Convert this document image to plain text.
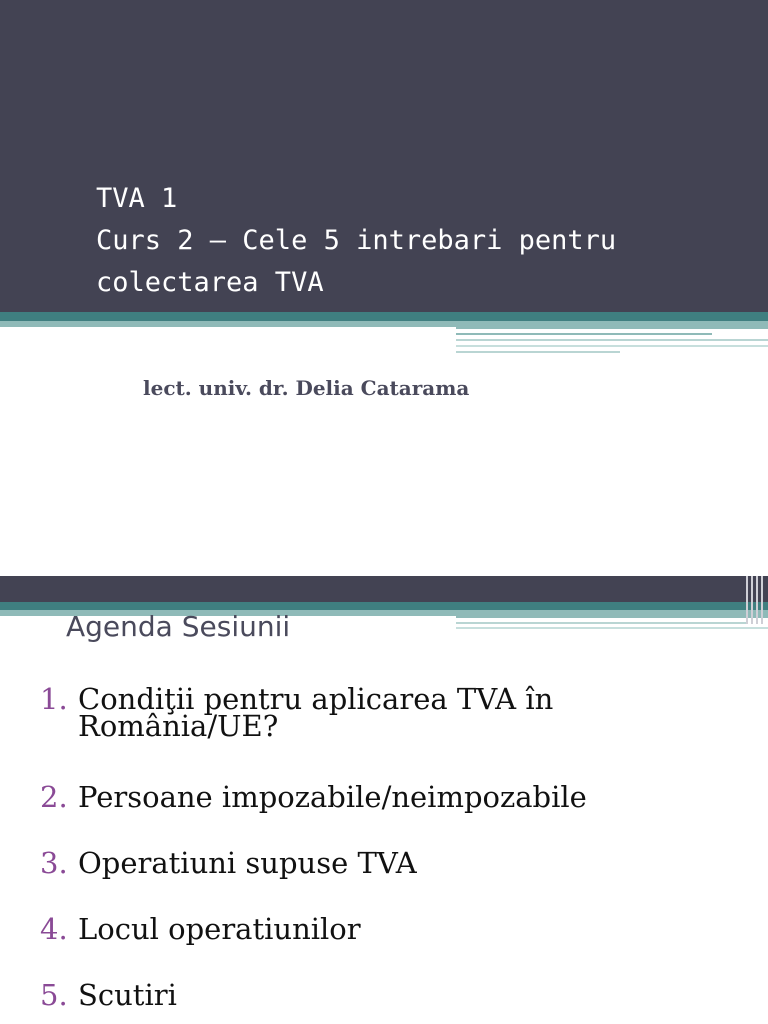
TVA 1
Curs 2 – Cele 5 intrebari pentru
colectarea TVA

lect. univ. dr. Delia Catarama

Agenda Sesiunii
1. Condiţii pentru aplicarea TVA în România/UE?
2. Persoane impozabile/neimpozabile
3. Operatiuni supuse TVA
4. Locul operatiunilor
5. Scutiri
